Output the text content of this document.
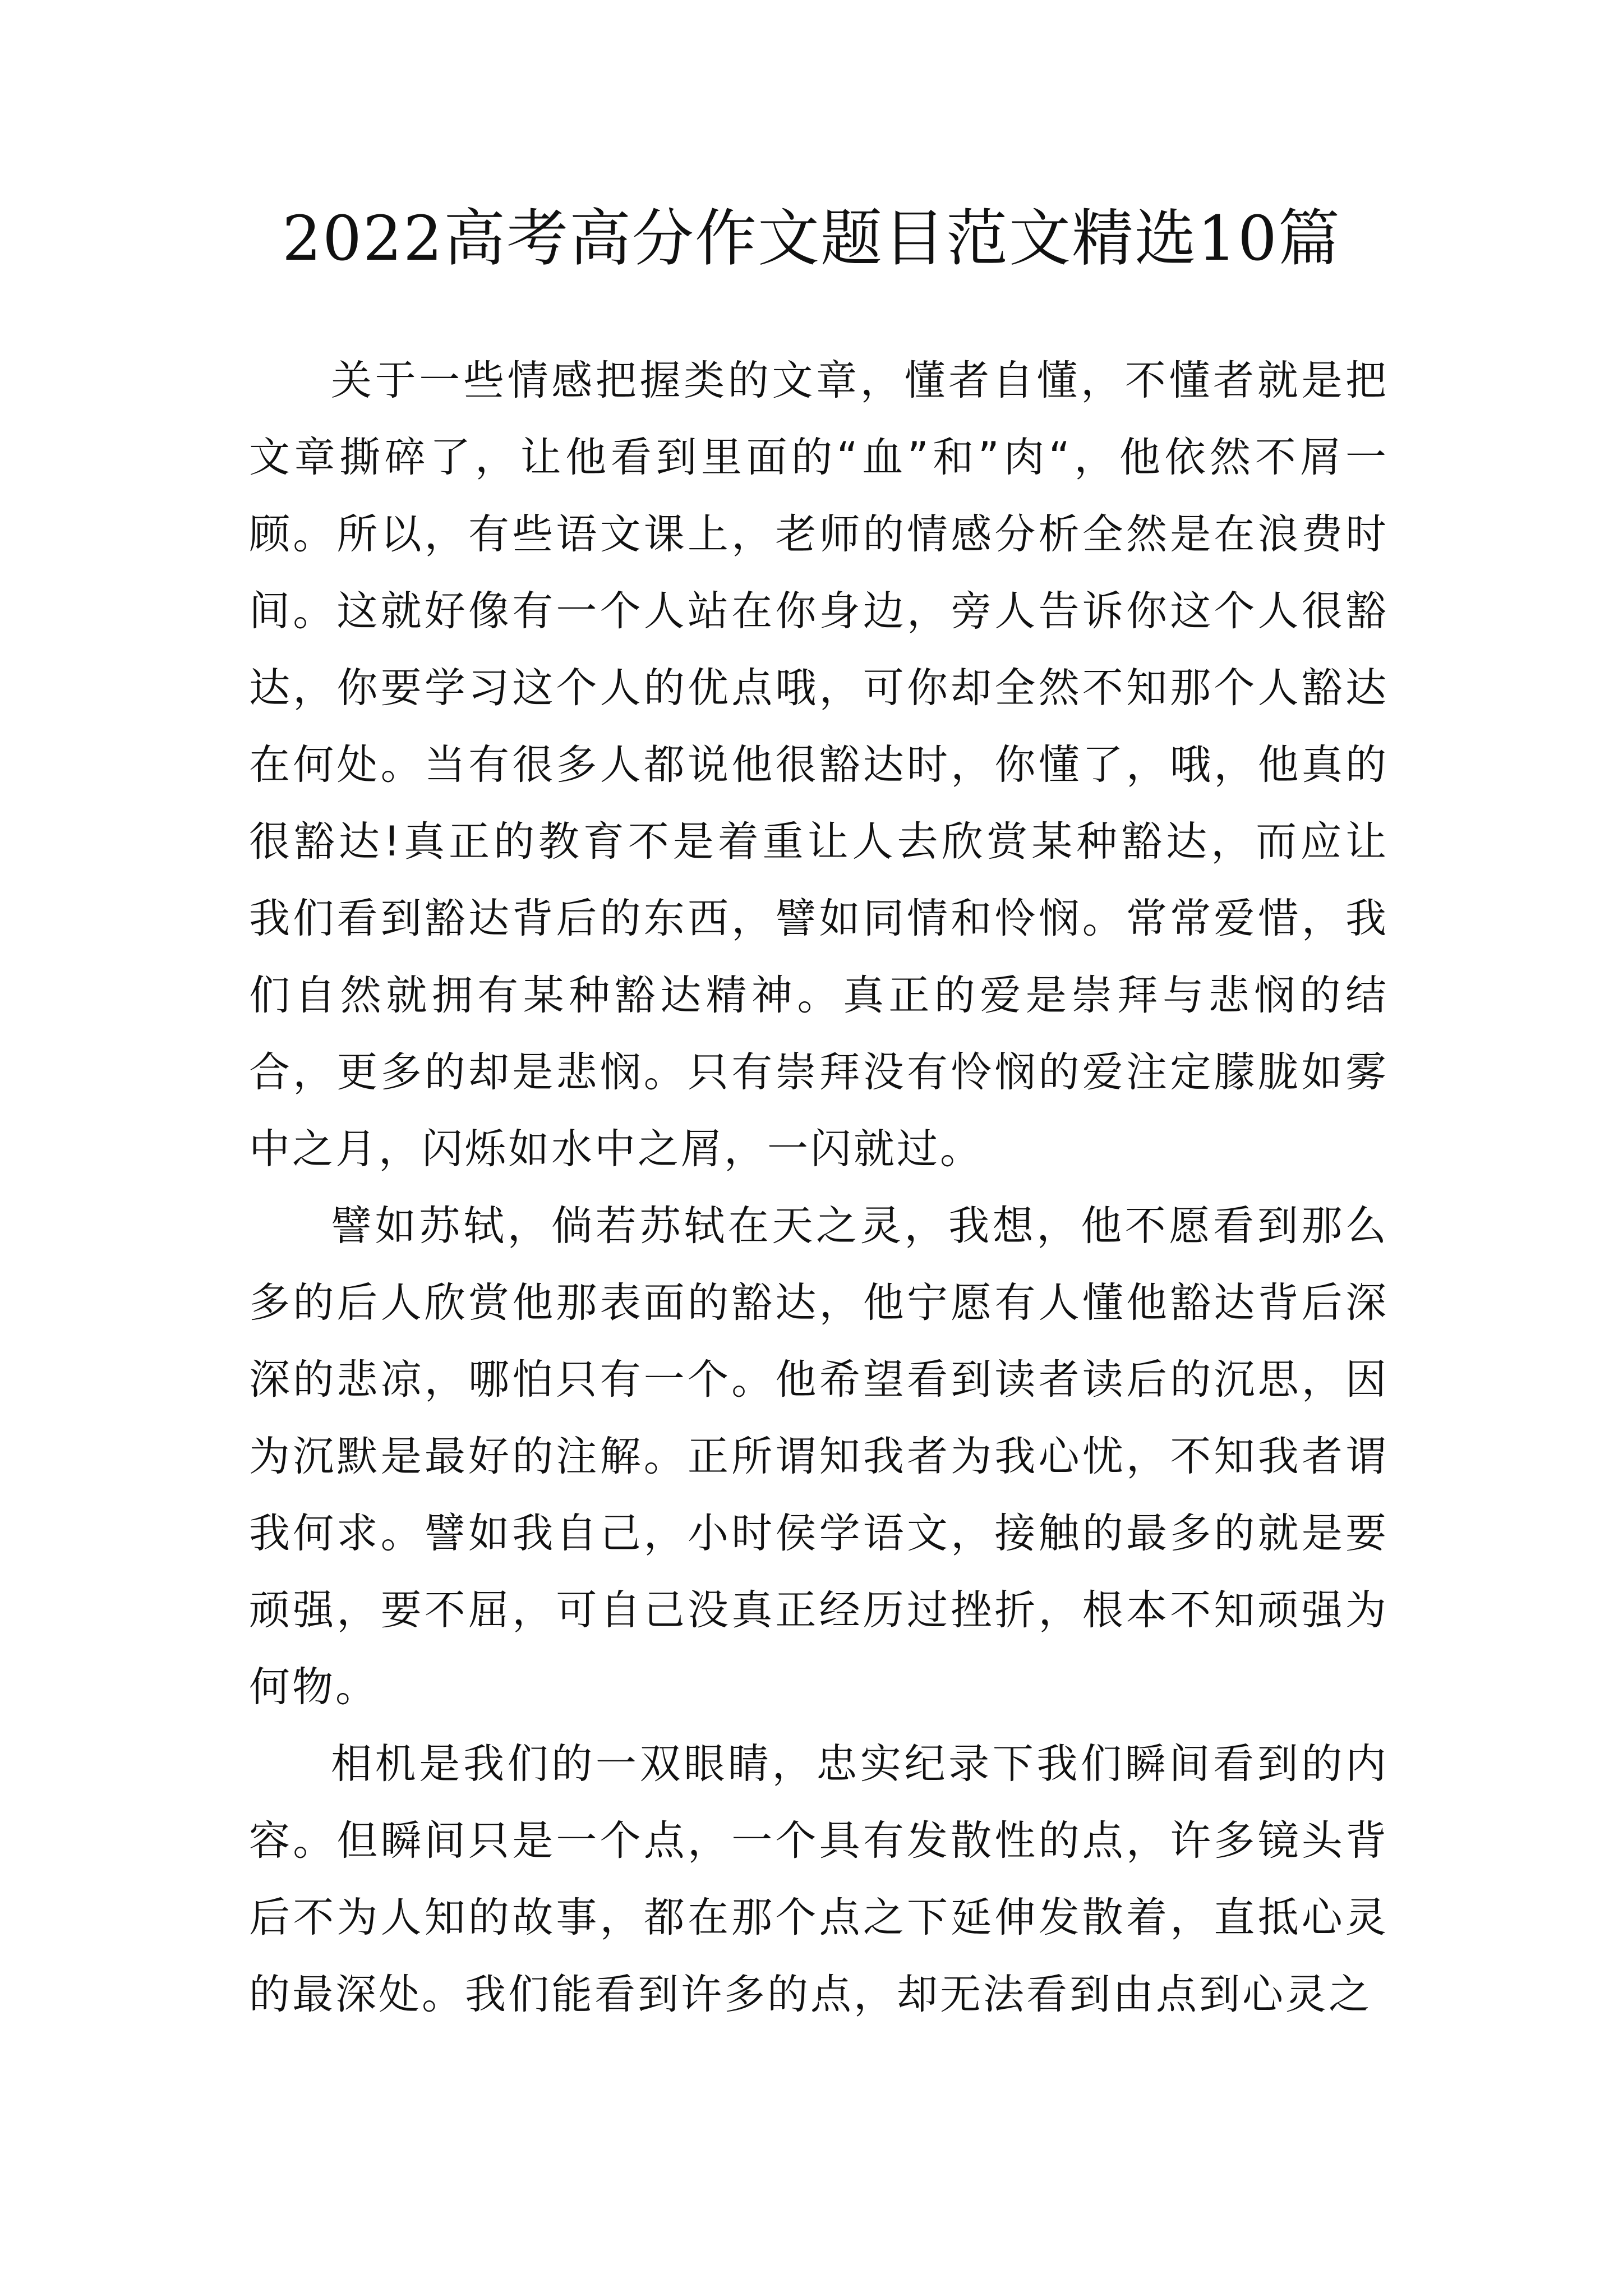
2022高考高分作文题目范文精选10篇

关于一些情感把握类的文章，懂者自懂，不懂者就是把文章撕碎了，让他看到里面的“血”和”肉“，他依然不屑一顾。所以，有些语文课上，老师的情感分析全然是在浪费时间。这就好像有一个人站在你身边，旁人告诉你这个人很豁达，你要学习这个人的优点哦，可你却全然不知那个人豁达在何处。当有很多人都说他很豁达时，你懂了，哦，他真的很豁达!真正的教育不是着重让人去欣赏某种豁达，而应让我们看到豁达背后的东西，譬如同情和怜悯。常常爱惜，我们自然就拥有某种豁达精神。真正的爱是崇拜与悲悯的结合，更多的却是悲悯。只有崇拜没有怜悯的爱注定朦胧如雾中之月，闪烁如水中之屑，一闪就过。

譬如苏轼，倘若苏轼在天之灵，我想，他不愿看到那么多的后人欣赏他那表面的豁达，他宁愿有人懂他豁达背后深深的悲凉，哪怕只有一个。他希望看到读者读后的沉思，因为沉默是最好的注解。正所谓知我者为我心忧，不知我者谓我何求。譬如我自己，小时侯学语文，接触的最多的就是要顽强，要不屈，可自己没真正经历过挫折，根本不知顽强为何物。

相机是我们的一双眼睛，忠实纪录下我们瞬间看到的内容。但瞬间只是一个点，一个具有发散性的点，许多镜头背后不为人知的故事，都在那个点之下延伸发散着，直抵心灵的最深处。我们能看到许多的点，却无法看到由点到心灵之
